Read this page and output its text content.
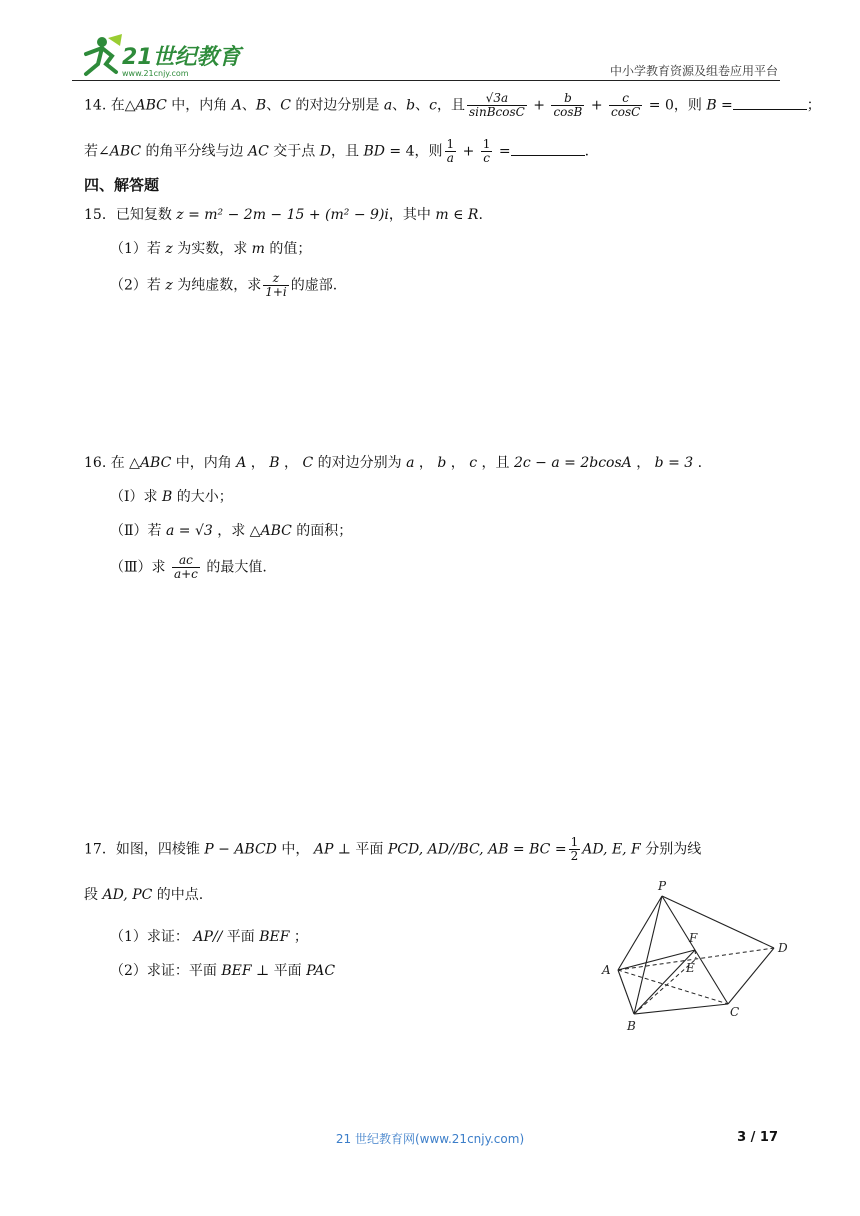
21世纪教育
www.21cnjy.com	中小学教育资源及组卷应用平台
14. 在△ABC 中，内角 A、B、C 的对边分别是 a、b、c，且 $\frac{√3a}{\text{sinBcosC}} + \frac{b}{\cos B} + \frac{c}{\cos C} = 0$，则 B =	；
若∠ABC 的角平分线与边 AC 交于点 D，且 BD = 4，则 $\frac{1}{a} + \frac{1}{c}$ =	.
四、解答题
15．已知复数 z = m² − 2m − 15 + (m² − 9)i，其中 m ∈ R.
（1）若 z 为实数，求 m 的值；
（2）若 z 为纯虚数，求 $\frac{z}{1+i}$ 的虚部.
16. 在 △ABC 中，内角 A ， B ， C 的对边分别为 a ， b ， c ，且 2c − a = 2bcosA ， b = 3 .
（Ⅰ）求 B 的大小；
（Ⅱ）若 a = √3 ，求 △ABC 的面积；
（Ⅲ）求 $\frac{ac}{a+c}$ 的最大值.
17．如图，四棱锥 P − ABCD 中， AP ⊥ 平面 PCD, AD//BC, AB = BC = $\frac{1}{2}$ AD, E, F 分别为线
段 AD, PC 的中点.
（1）求证： AP// 平面 BEF ；
（2）求证：平面 BEF ⊥ 平面 PAC
P
A
B
C
D
E
F
21 世纪教育网(www.21cnjy.com)	3 / 17
